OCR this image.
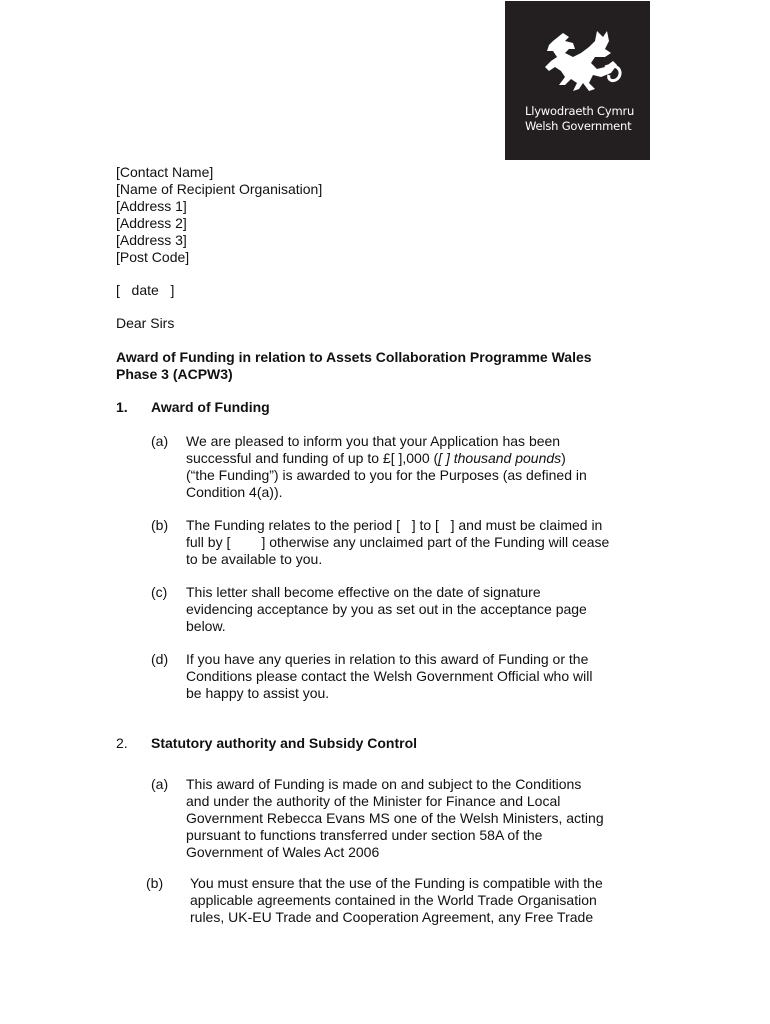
Llywodraeth Cymru
Welsh Government
[Contact Name]
[Name of Recipient Organisation]
[Address 1]
[Address 2]
[Address 3]
[Post Code]
[   date   ]
Dear Sirs
Award of Funding in relation to Assets Collaboration Programme Wales
Phase 3 (ACPW3)
1. Award of Funding
(a) We are pleased to inform you that your Application has been
successful and funding of up to £[ ],000 ([ ] thousand pounds)
(“the Funding”) is awarded to you for the Purposes (as defined in
Condition 4(a)).
(b) The Funding relates to the period [   ] to [   ] and must be claimed in
full by [        ] otherwise any unclaimed part of the Funding will cease
to be available to you.
(c) This letter shall become effective on the date of signature
evidencing acceptance by you as set out in the acceptance page
below.
(d) If you have any queries in relation to this award of Funding or the
Conditions please contact the Welsh Government Official who will
be happy to assist you.
2. Statutory authority and Subsidy Control
(a) This award of Funding is made on and subject to the Conditions
and under the authority of the Minister for Finance and Local
Government Rebecca Evans MS one of the Welsh Ministers, acting
pursuant to functions transferred under section 58A of the
Government of Wales Act 2006
(b) You must ensure that the use of the Funding is compatible with the
applicable agreements contained in the World Trade Organisation
rules, UK-EU Trade and Cooperation Agreement, any Free Trade
